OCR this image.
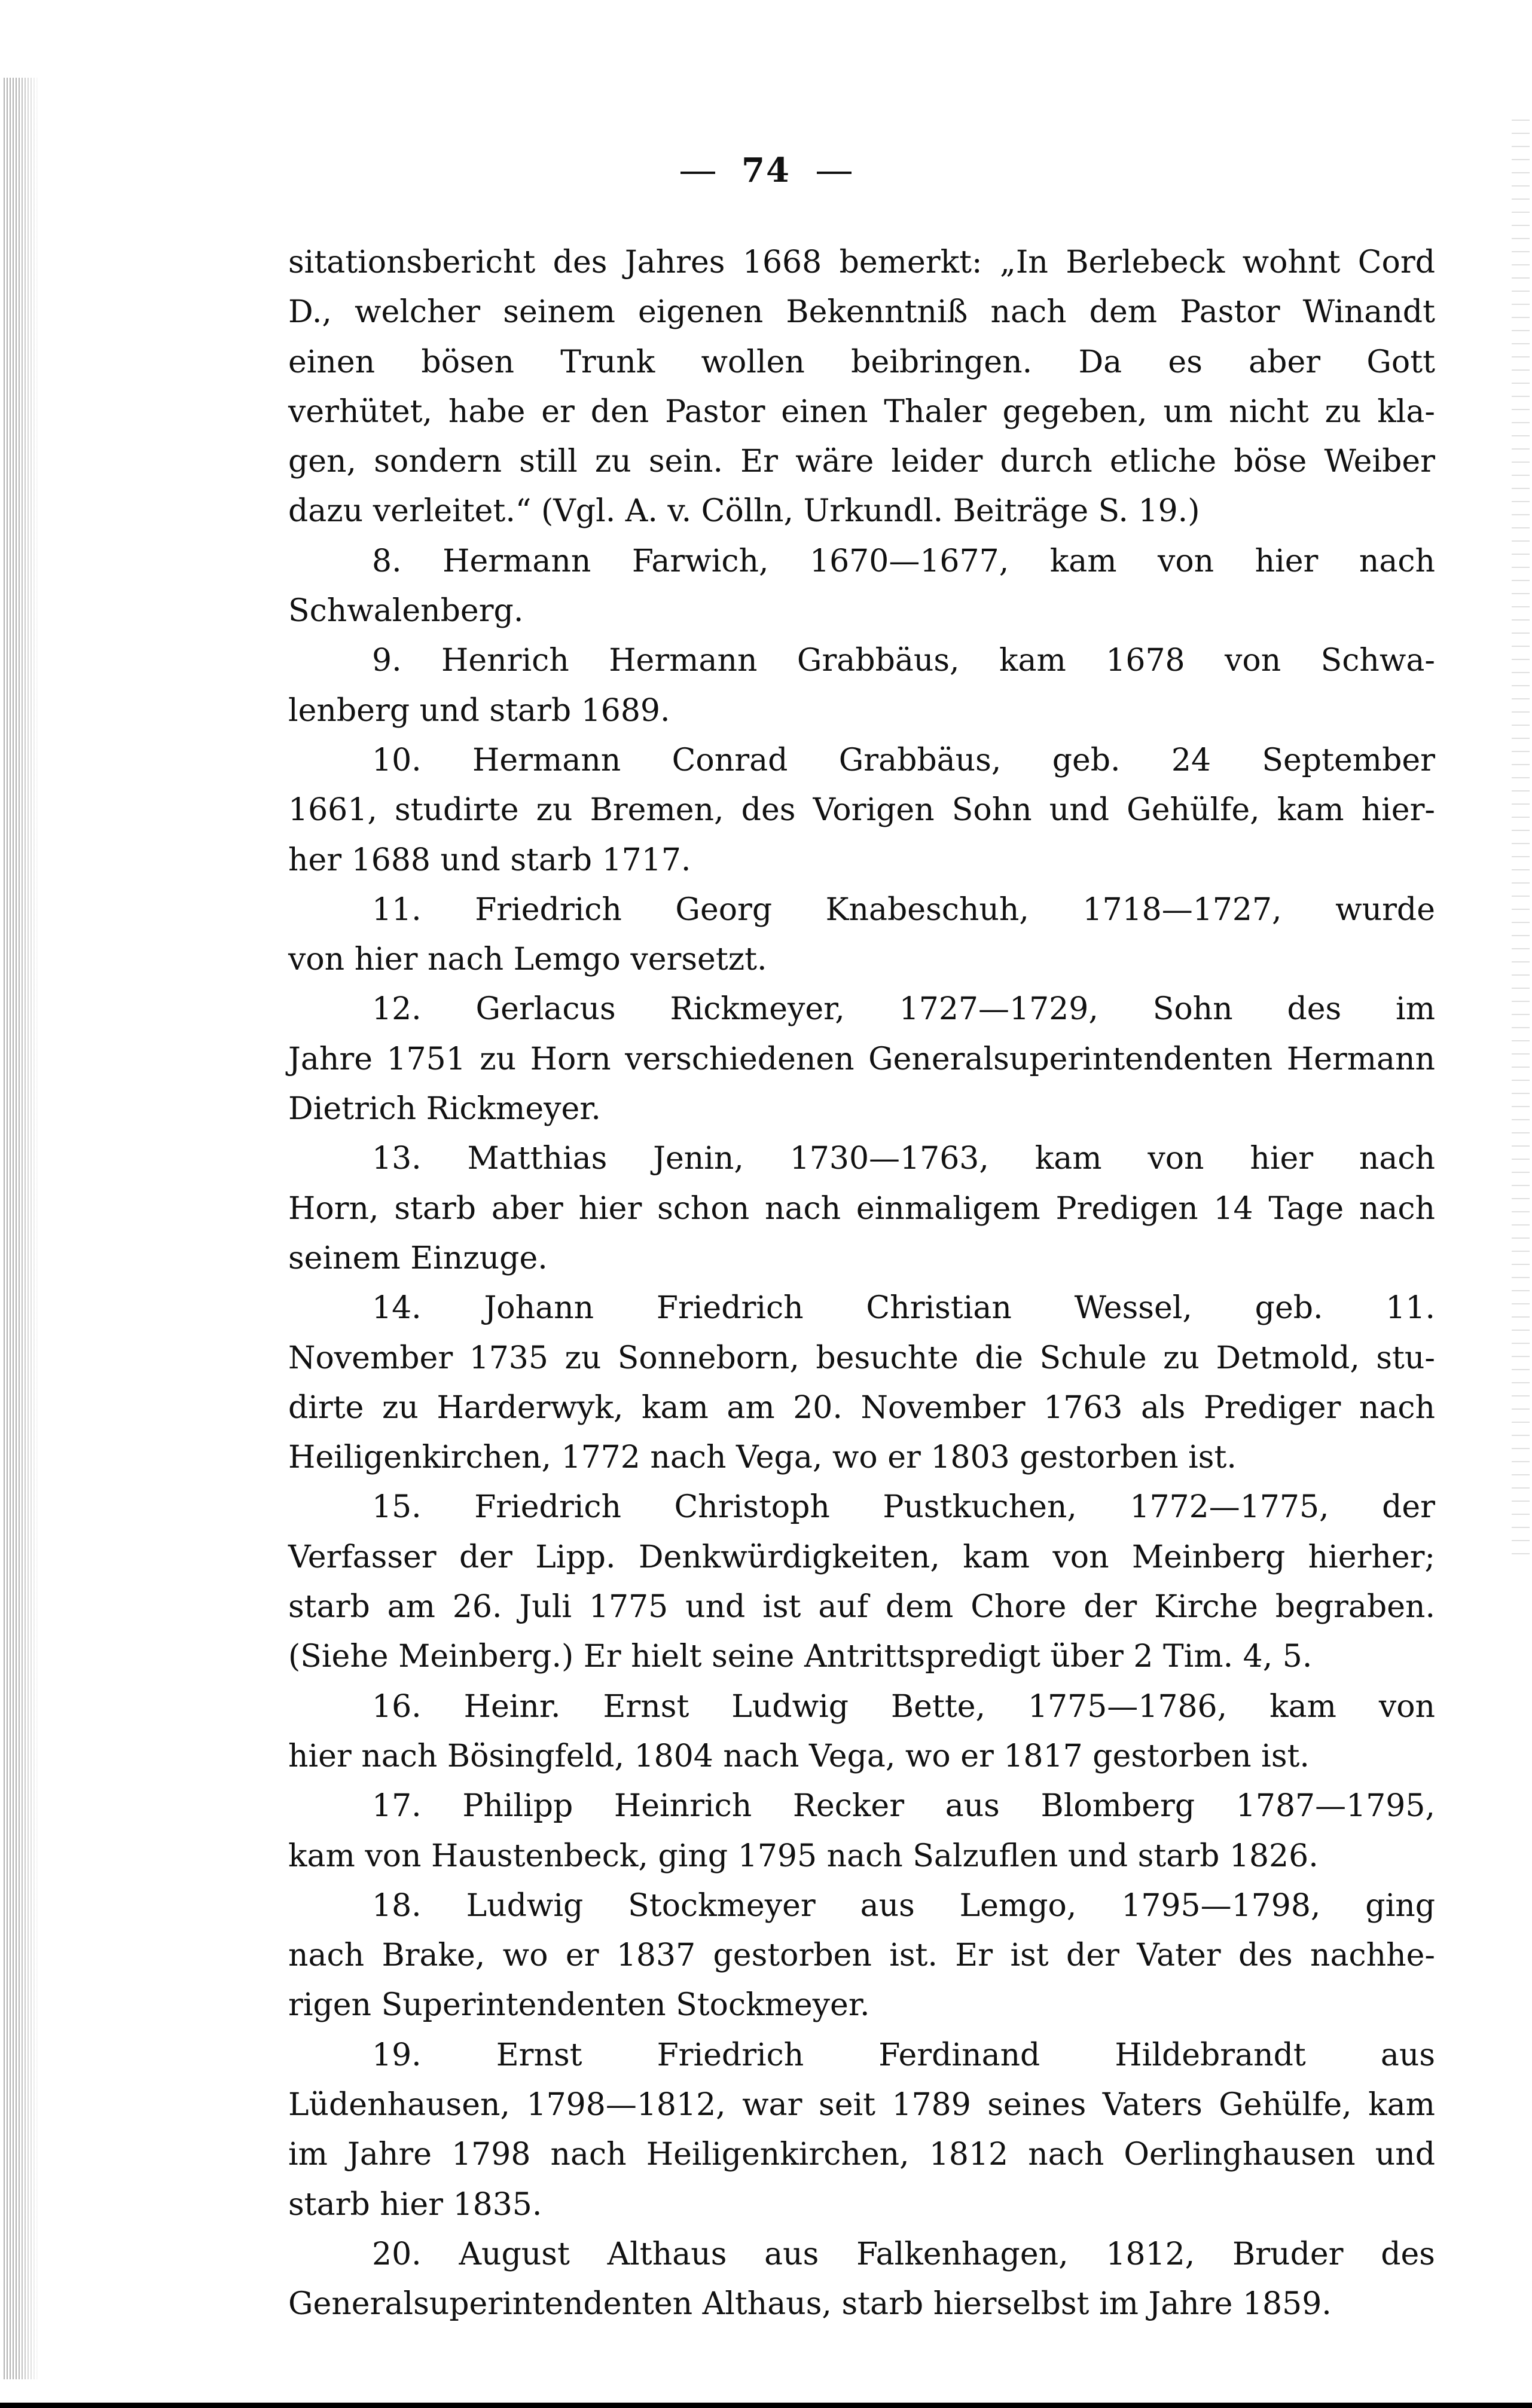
74
sitationsbericht des Jahres 1668 bemerkt: „In Berlebeck wohnt Cord
D., welcher seinem eigenen Bekenntniß nach dem Pastor Winandt
einen bösen Trunk wollen beibringen. Da es aber Gott
verhütet, habe er den Pastor einen Thaler gegeben, um nicht zu kla-
gen, sondern still zu sein. Er wäre leider durch etliche böse Weiber
dazu verleitet.“ (Vgl. A. v. Cölln, Urkundl. Beiträge S. 19.)
8. Hermann Farwich, 1670—1677, kam von hier nach
Schwalenberg.
9. Henrich Hermann Grabbäus, kam 1678 von Schwa-
lenberg und starb 1689.
10. Hermann Conrad Grabbäus, geb. 24 September
1661, studirte zu Bremen, des Vorigen Sohn und Gehülfe, kam hier-
her 1688 und starb 1717.
11. Friedrich Georg Knabeschuh, 1718—1727, wurde
von hier nach Lemgo versetzt.
12. Gerlacus Rickmeyer, 1727—1729, Sohn des im
Jahre 1751 zu Horn verschiedenen Generalsuperintendenten Hermann
Dietrich Rickmeyer.
13. Matthias Jenin, 1730—1763, kam von hier nach
Horn, starb aber hier schon nach einmaligem Predigen 14 Tage nach
seinem Einzuge.
14. Johann Friedrich Christian Wessel, geb. 11.
November 1735 zu Sonneborn, besuchte die Schule zu Detmold, stu-
dirte zu Harderwyk, kam am 20. November 1763 als Prediger nach
Heiligenkirchen, 1772 nach Vega, wo er 1803 gestorben ist.
15. Friedrich Christoph Pustkuchen, 1772—1775, der
Verfasser der Lipp. Denkwürdigkeiten, kam von Meinberg hierher;
starb am 26. Juli 1775 und ist auf dem Chore der Kirche begraben.
(Siehe Meinberg.) Er hielt seine Antrittspredigt über 2 Tim. 4, 5.
16. Heinr. Ernst Ludwig Bette, 1775—1786, kam von
hier nach Bösingfeld, 1804 nach Vega, wo er 1817 gestorben ist.
17. Philipp Heinrich Recker aus Blomberg 1787—1795,
kam von Haustenbeck, ging 1795 nach Salzuflen und starb 1826.
18. Ludwig Stockmeyer aus Lemgo, 1795—1798, ging
nach Brake, wo er 1837 gestorben ist. Er ist der Vater des nachhe-
rigen Superintendenten Stockmeyer.
19. Ernst Friedrich Ferdinand Hildebrandt aus
Lüdenhausen, 1798—1812, war seit 1789 seines Vaters Gehülfe, kam
im Jahre 1798 nach Heiligenkirchen, 1812 nach Oerlinghausen und
starb hier 1835.
20. August Althaus aus Falkenhagen, 1812, Bruder des
Generalsuperintendenten Althaus, starb hierselbst im Jahre 1859.
